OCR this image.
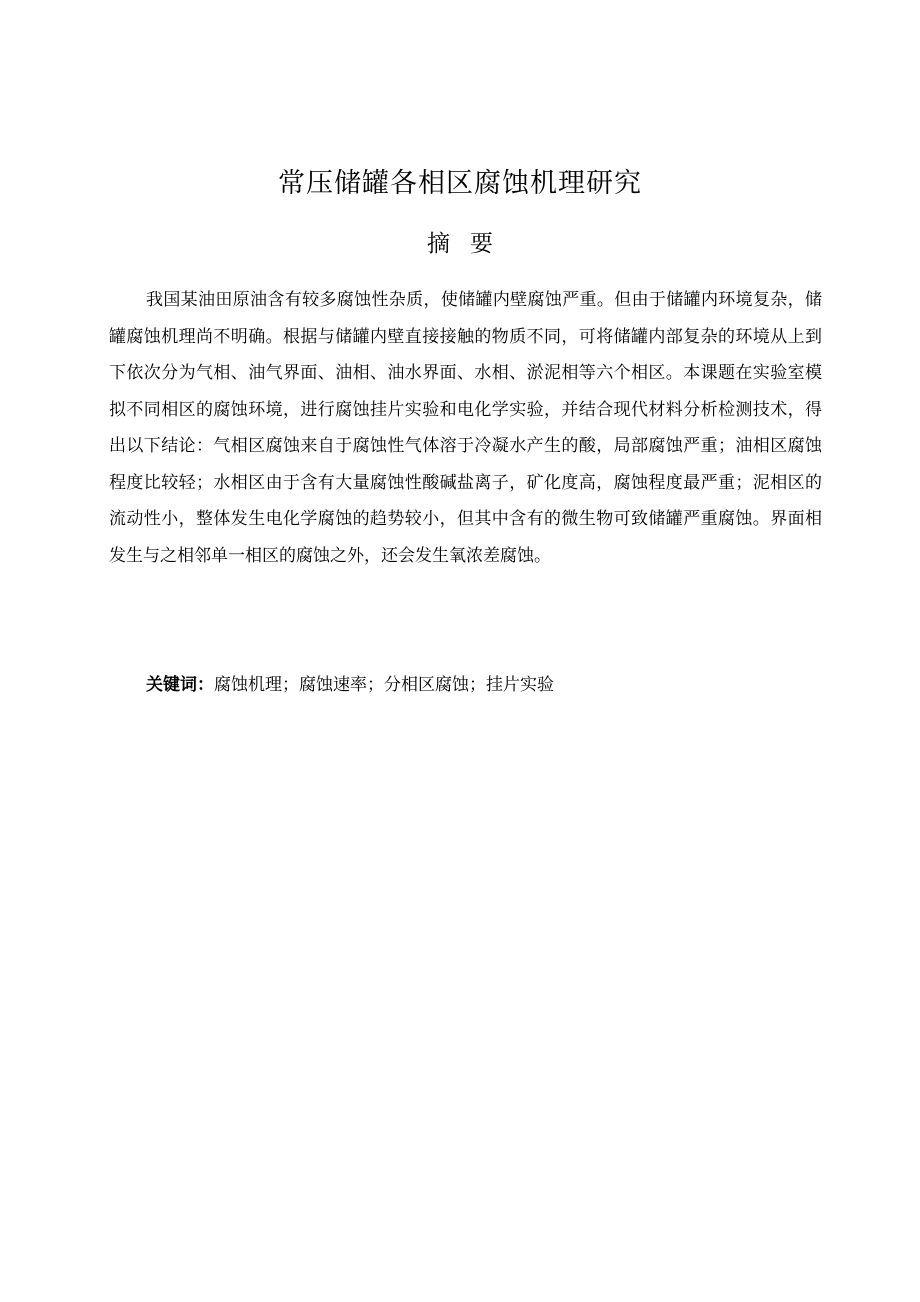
常压储罐各相区腐蚀机理研究
摘要

我国某油田原油含有较多腐蚀性杂质，使储罐内壁腐蚀严重。但由于储罐内环境复杂，储罐腐蚀机理尚不明确。根据与储罐内壁直接接触的物质不同，可将储罐内部复杂的环境从上到下依次分为气相、油气界面、油相、油水界面、水相、淤泥相等六个相区。本课题在实验室模拟不同相区的腐蚀环境，进行腐蚀挂片实验和电化学实验，并结合现代材料分析检测技术，得出以下结论：气相区腐蚀来自于腐蚀性气体溶于冷凝水产生的酸，局部腐蚀严重；油相区腐蚀程度比较轻；水相区由于含有大量腐蚀性酸碱盐离子，矿化度高，腐蚀程度最严重；泥相区的流动性小，整体发生电化学腐蚀的趋势较小，但其中含有的微生物可致储罐严重腐蚀。界面相发生与之相邻单一相区的腐蚀之外，还会发生氧浓差腐蚀。

关键词：腐蚀机理；腐蚀速率；分相区腐蚀；挂片实验
